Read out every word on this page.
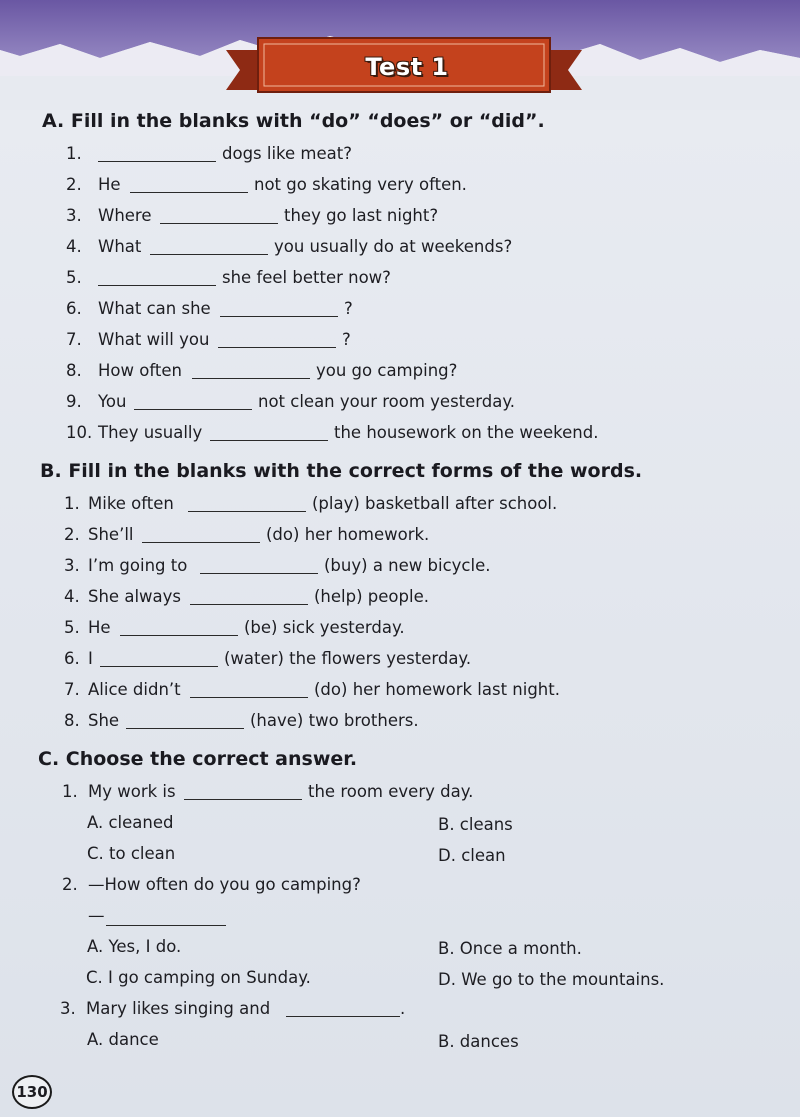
Test 1
A. Fill in the blanks with “do” “does” or “did”.
1.	dogs like meat?
2. He	not go skating very often.
3. Where	they go last night?
4. What	you usually do at weekends?
5.	she feel better now?
6. What can she	?
7. What will you	?
8. How often	you go camping?
9. You	not clean your room yesterday.
10. They usually	the housework on the weekend.
B. Fill in the blanks with the correct forms of the words.
1. Mike often	(play) basketball after school.
2. She’ll	(do) her homework.
3. I’m going to	(buy) a new bicycle.
4. She always	(help) people.
5. He	(be) sick yesterday.
6. I	(water) the flowers yesterday.
7. Alice didn’t	(do) her homework last night.
8. She	(have) two brothers.
C. Choose the correct answer.
1. My work is	the room every day.
A. cleaned	B. cleans
C. to clean	D. clean
2. —How often do you go camping?
—
A. Yes, I do.	B. Once a month.
C. I go camping on Sunday.	D. We go to the mountains.
3. Mary likes singing and	.
A. dance	B. dances
130
